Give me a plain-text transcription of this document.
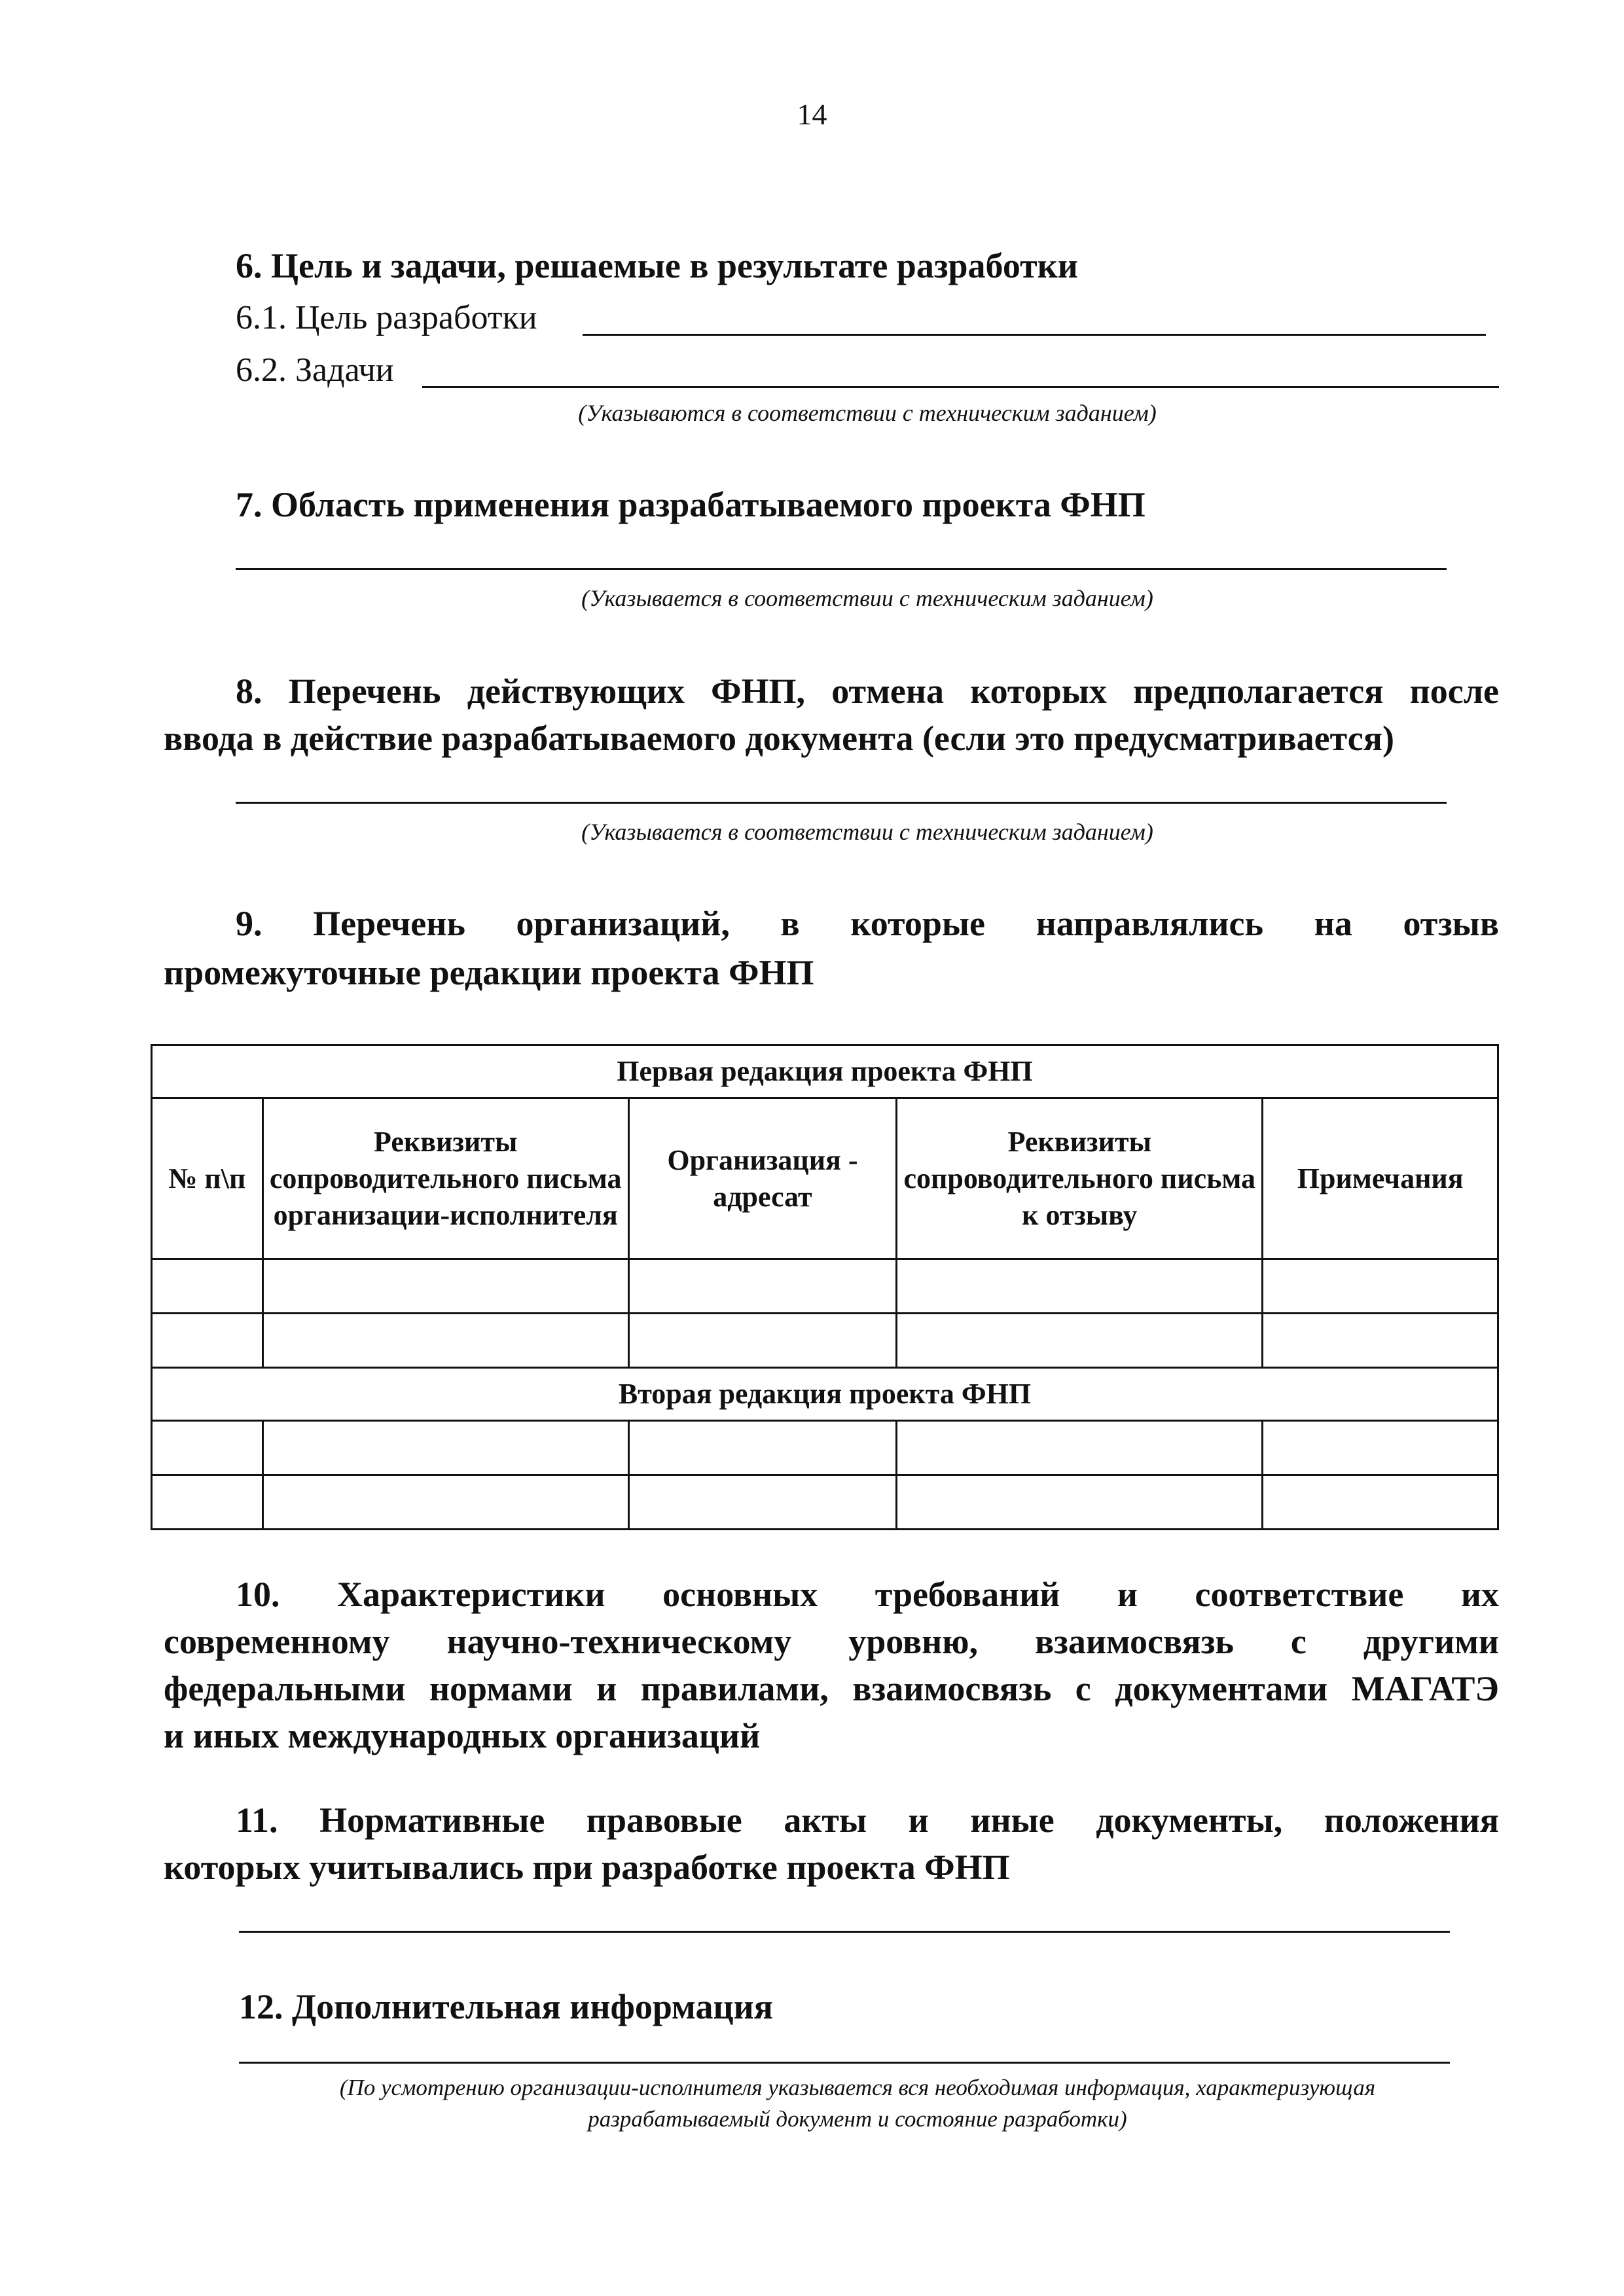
14
6. Цель и задачи, решаемые в результате разработки
6.1. Цель разработки
6.2. Задачи
(Указываются в соответствии с техническим заданием)
7. Область применения разрабатываемого проекта ФНП
(Указывается в соответствии с техническим заданием)
8. Перечень действующих ФНП, отмена которых предполагается после
ввода в действие разрабатываемого документа (если это предусматривается)
(Указывается в соответствии с техническим заданием)
9. Перечень организаций, в которые направлялись на отзыв
промежуточные редакции проекта ФНП
Первая редакция проекта ФНП				
№ п\п	Реквизиты сопроводительного письма организации-исполнителя	Организация - адресат	Реквизиты сопроводительного письма к отзыву	Примечания

Вторая редакция проекта ФНП				

10. Характеристики основных требований и соответствие их
современному научно-техническому уровню, взаимосвязь с другими
федеральными нормами и правилами, взаимосвязь с документами МАГАТЭ
и иных международных организаций
11. Нормативные правовые акты и иные документы, положения
которых учитывались при разработке проекта ФНП
12. Дополнительная информация
(По усмотрению организации-исполнителя указывается вся необходимая информация, характеризующая
разрабатываемый документ и состояние разработки)
